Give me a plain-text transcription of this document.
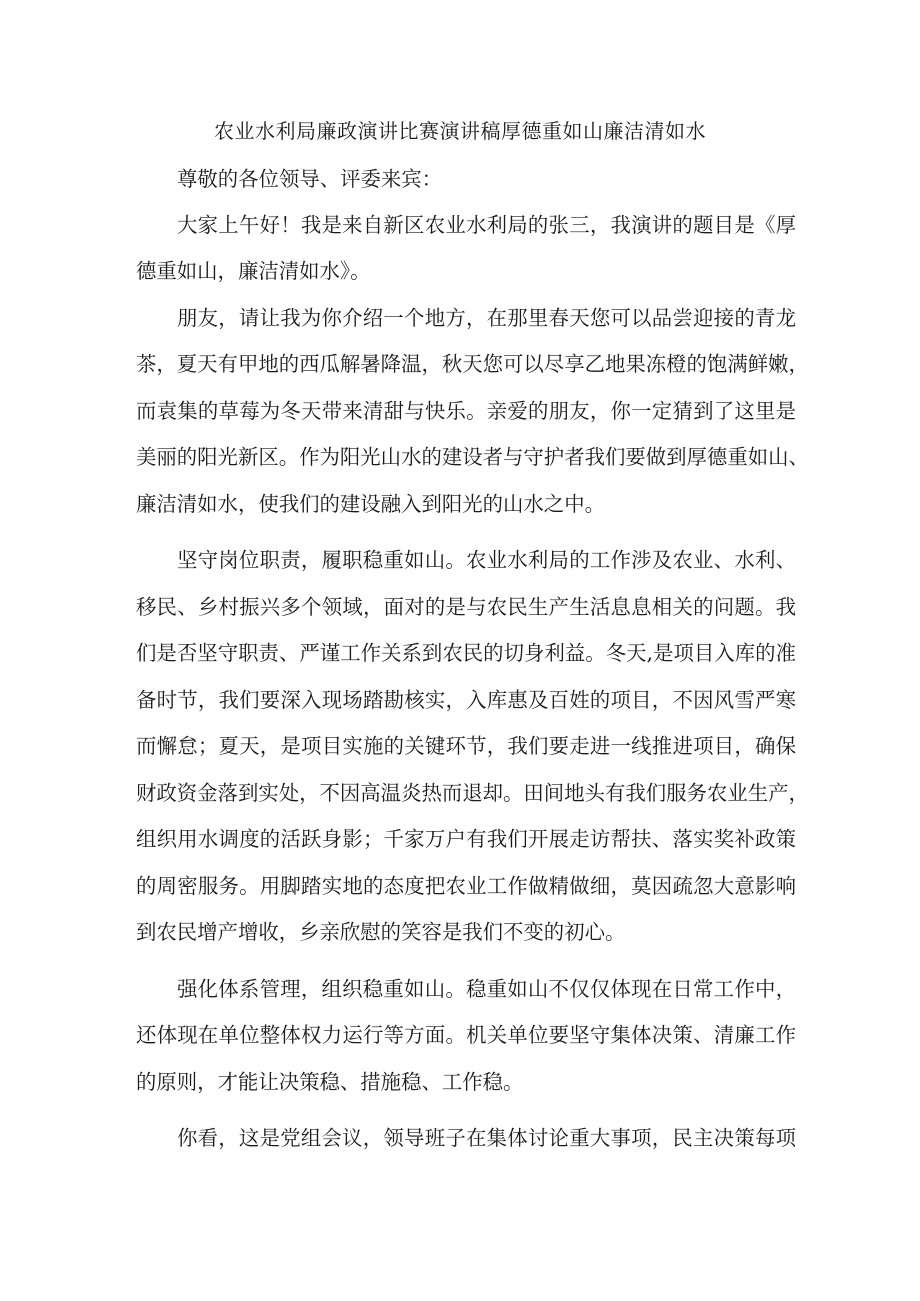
农业水利局廉政演讲比赛演讲稿厚德重如山廉洁清如水
尊敬的各位领导、评委来宾：
大家上午好！我是来自新区农业水利局的张三，我演讲的题目是《厚
德重如山，廉洁清如水》。
朋友，请让我为你介绍一个地方，在那里春天您可以品尝迎接的青龙
茶，夏天有甲地的西瓜解暑降温，秋天您可以尽享乙地果冻橙的饱满鲜嫩，
而袁集的草莓为冬天带来清甜与快乐。亲爱的朋友，你一定猜到了这里是
美丽的阳光新区。作为阳光山水的建设者与守护者我们要做到厚德重如山、
廉洁清如水，使我们的建设融入到阳光的山水之中。
坚守岗位职责，履职稳重如山。农业水利局的工作涉及农业、水利、
移民、乡村振兴多个领域，面对的是与农民生产生活息息相关的问题。我
们是否坚守职责、严谨工作关系到农民的切身利益。冬天,是项目入库的准
备时节，我们要深入现场踏勘核实，入库惠及百姓的项目，不因风雪严寒
而懈怠；夏天，是项目实施的关键环节，我们要走进一线推进项目，确保
财政资金落到实处，不因高温炎热而退却。田间地头有我们服务农业生产，
组织用水调度的活跃身影；千家万户有我们开展走访帮扶、落实奖补政策
的周密服务。用脚踏实地的态度把农业工作做精做细，莫因疏忽大意影响
到农民增产增收，乡亲欣慰的笑容是我们不变的初心。
强化体系管理，组织稳重如山。稳重如山不仅仅体现在日常工作中，
还体现在单位整体权力运行等方面。机关单位要坚守集体决策、清廉工作
的原则，才能让决策稳、措施稳、工作稳。
你看，这是党组会议，领导班子在集体讨论重大事项，民主决策每项
